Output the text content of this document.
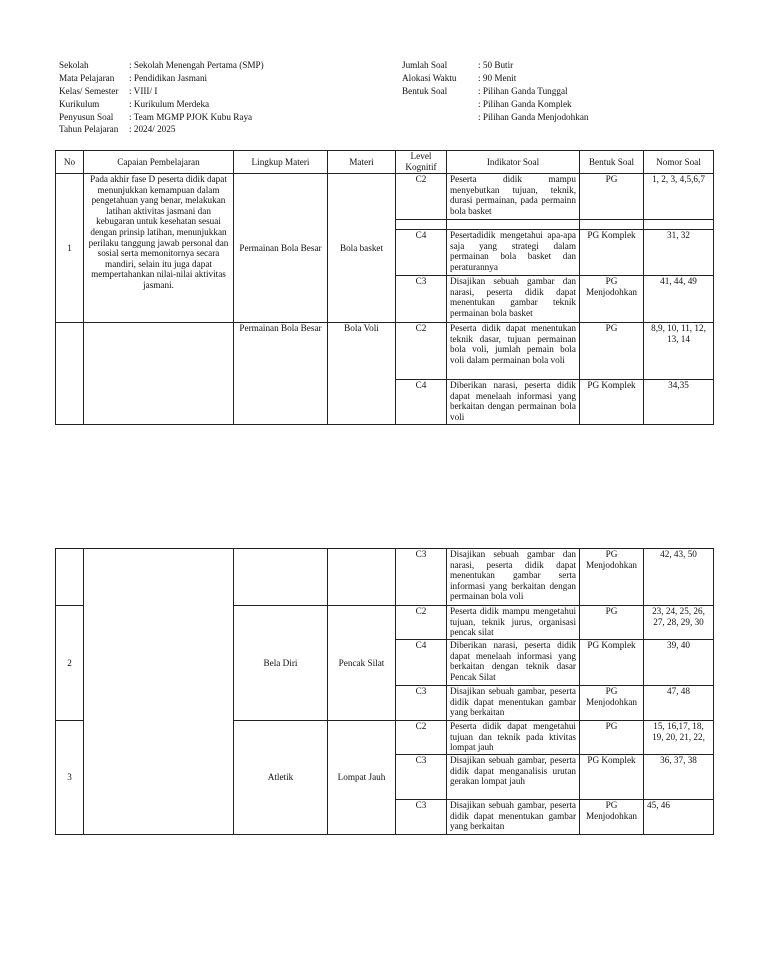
Sekolah	: Sekolah Menengah Pertama (SMP)
Mata Pelajaran : Pendidikan Jasmani
Kelas/ Semester : VIII/ I
Kurikulum	: Kurikulum Merdeka
Penyusun Soal : Team MGMP PJOK Kubu Raya
Tahun Pelajaran : 2024/ 2025
Jumlah Soal	: 50 Butir
Alokasi Waktu : 90 Menit
Bentuk Soal	: Pilihan Ganda Tunggal
: Pilihan Ganda Komplek
: Pilihan Ganda Menjodohkan
No	Capaian Pembelajaran	Lingkup Materi	Materi	Level Kognitif	Indikator Soal	Bentuk Soal	Nomor Soal
1	Pada akhir fase D peserta didik dapat menunjukkan kemampuan dalam pengetahuan yang benar, melakukan latihan aktivitas jasmani dan kebugaran untuk kesehatan sesuai dengan prinsip latihan, menunjukkan perilaku tanggung jawab personal dan sosial serta memonitornya secara mandiri, selain itu juga dapat mempertahankan nilai-nilai aktivitas jasmani.	Permainan Bola Besar	Bola basket	C2	Peserta didik mampu menyebutkan tujuan, teknik, durasi permainan, pada permainn bola basket	PG	1, 2, 3, 4,5,6,7

				C4	Pesertadidik mengetahui apa-apa saja yang strategi dalam permainan bola basket dan peraturannya	PG Komplek	31, 32
				C3	Disajikan sebuah gambar dan narasi, peserta didik dapat menentukan gambar teknik permainan bola basket	PG Menjodohkan	41, 44, 49
		Permainan Bola Besar	Bola Voli	C2	Peserta didik dapat menentukan teknik dasar, tujuan permainan bola voli, jumlah pemain bola voli dalam permainan bola voli	PG	8,9, 10, 11, 12, 13, 14
				C4	Diberikan narasi, peserta didik dapat menelaah informasi yang berkaitan dengan permainan bola voli	PG Komplek	34,35
				C3	Disajikan sebuah gambar dan narasi, peserta didik dapat menentukan gambar serta informasi yang berkaitan dengan permainan bola voli	PG Menjodohkan	42, 43, 50
2		Bela Diri	Pencak Silat	C2	Peserta didik mampu mengetahui tujuan, teknik jurus, organisasi pencak silat	PG	23, 24, 25, 26, 27, 28, 29, 30
				C4	Diberikan narasi, peserta didik dapat menelaah informasi yang berkaitan dengan teknik dasar Pencak Silat	PG Komplek	39, 40
				C3	Disajikan sebuah gambar, peserta didik dapat menentukan gambar yang berkaitan	PG Menjodohkan	47, 48
3		Atletik	Lompat Jauh	C2	Peserta didik dapat mengetahui tujuan dan teknik pada ktivitas lompat jauh	PG	15, 16,17, 18, 19, 20, 21, 22,
				C3	Disajikan sebuah gambar, peserta didik dapat menganalisis urutan gerakan lompat jauh	PG Komplek	36, 37, 38
				C3	Disajikan sebuah gambar, peserta didik dapat menentukan gambar yang berkaitan	PG Menjodohkan	45, 46
